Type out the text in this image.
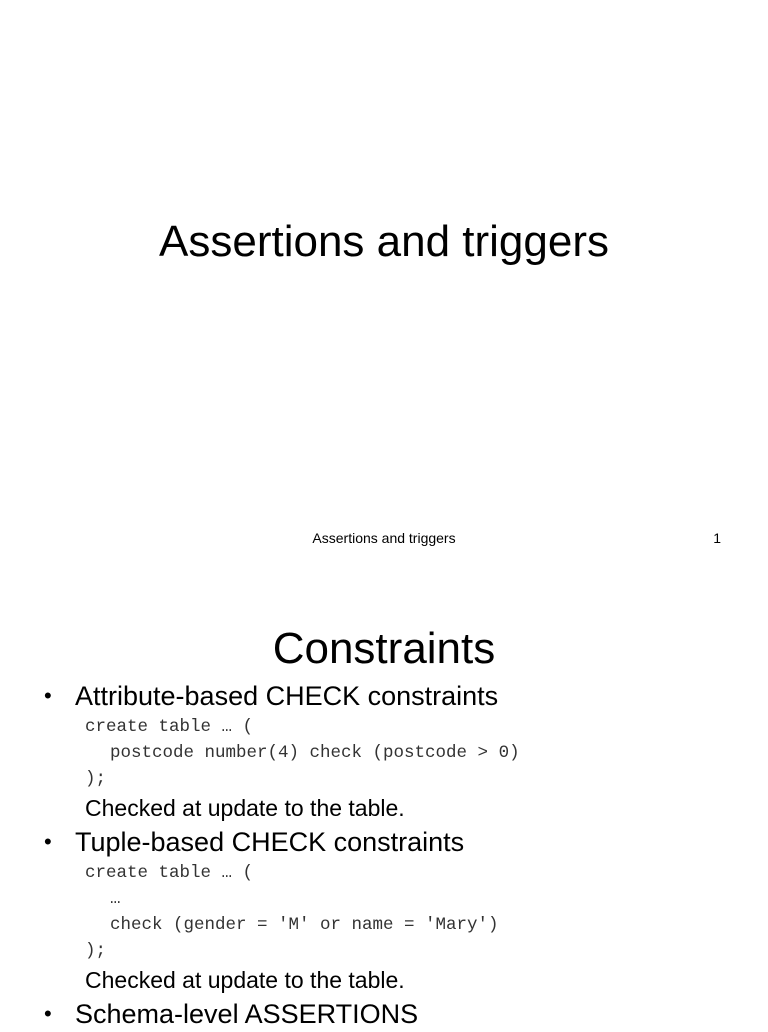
Assertions and triggers
Assertions and triggers	1
Constraints
• Attribute-based CHECK constraints
create table … (
postcode number(4) check (postcode > 0)
);
Checked at update to the table.
• Tuple-based CHECK constraints
create table … (
…
check (gender = 'M' or name = 'Mary')
);
Checked at update to the table.
• Schema-level ASSERTIONS
